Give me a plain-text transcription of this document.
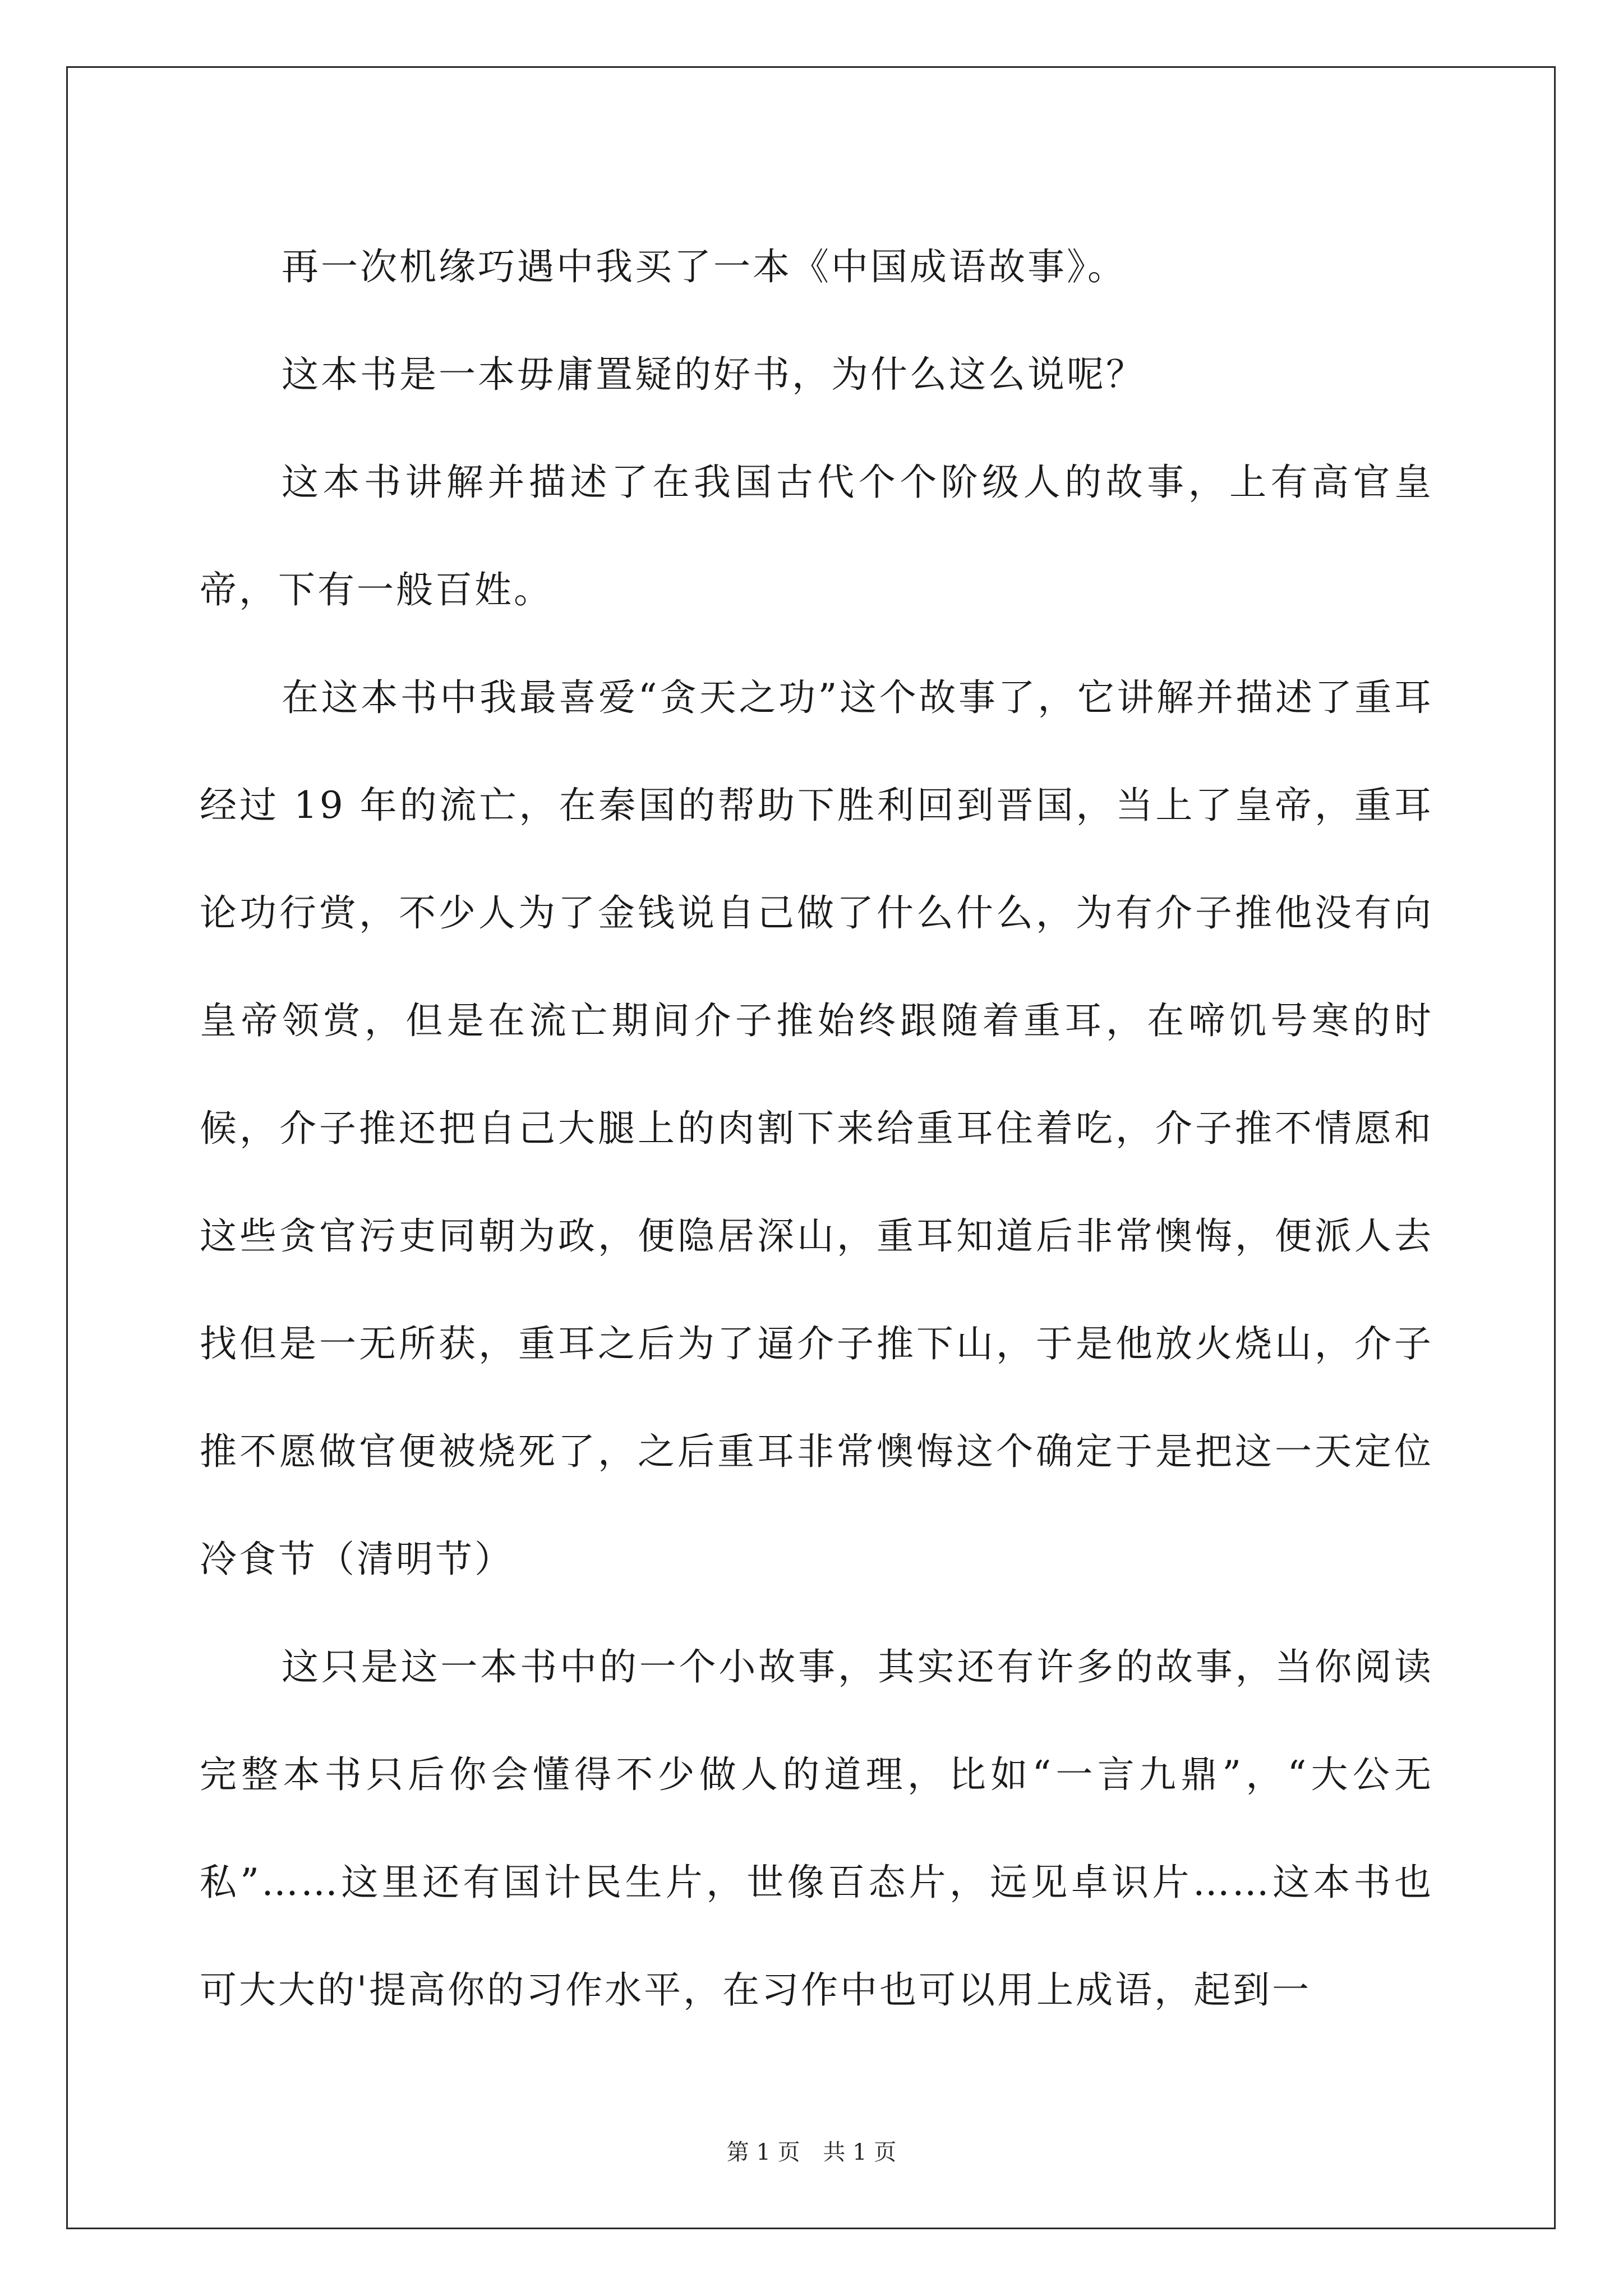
再一次机缘巧遇中我买了一本《中国成语故事》。

这本书是一本毋庸置疑的好书，为什么这么说呢？

这本书讲解并描述了在我国古代个个阶级人的故事，上有高官皇帝，下有一般百姓。

在这本书中我最喜爱“贪天之功”这个故事了，它讲解并描述了重耳经过 19 年的流亡，在秦国的帮助下胜利回到晋国，当上了皇帝，重耳论功行赏，不少人为了金钱说自己做了什么什么，为有介子推他没有向皇帝领赏，但是在流亡期间介子推始终跟随着重耳，在啼饥号寒的时候，介子推还把自己大腿上的肉割下来给重耳住着吃，介子推不情愿和这些贪官污吏同朝为政，便隐居深山，重耳知道后非常懊悔，便派人去找但是一无所获，重耳之后为了逼介子推下山，于是他放火烧山，介子推不愿做官便被烧死了，之后重耳非常懊悔这个确定于是把这一天定位冷食节（清明节）

这只是这一本书中的一个小故事，其实还有许多的故事，当你阅读完整本书只后你会懂得不少做人的道理，比如“一言九鼎”，“大公无私”……这里还有国计民生片，世像百态片，远见卓识片……这本书也可大大的'提高你的习作水平，在习作中也可以用上成语，起到一

第 1 页 共 1 页
